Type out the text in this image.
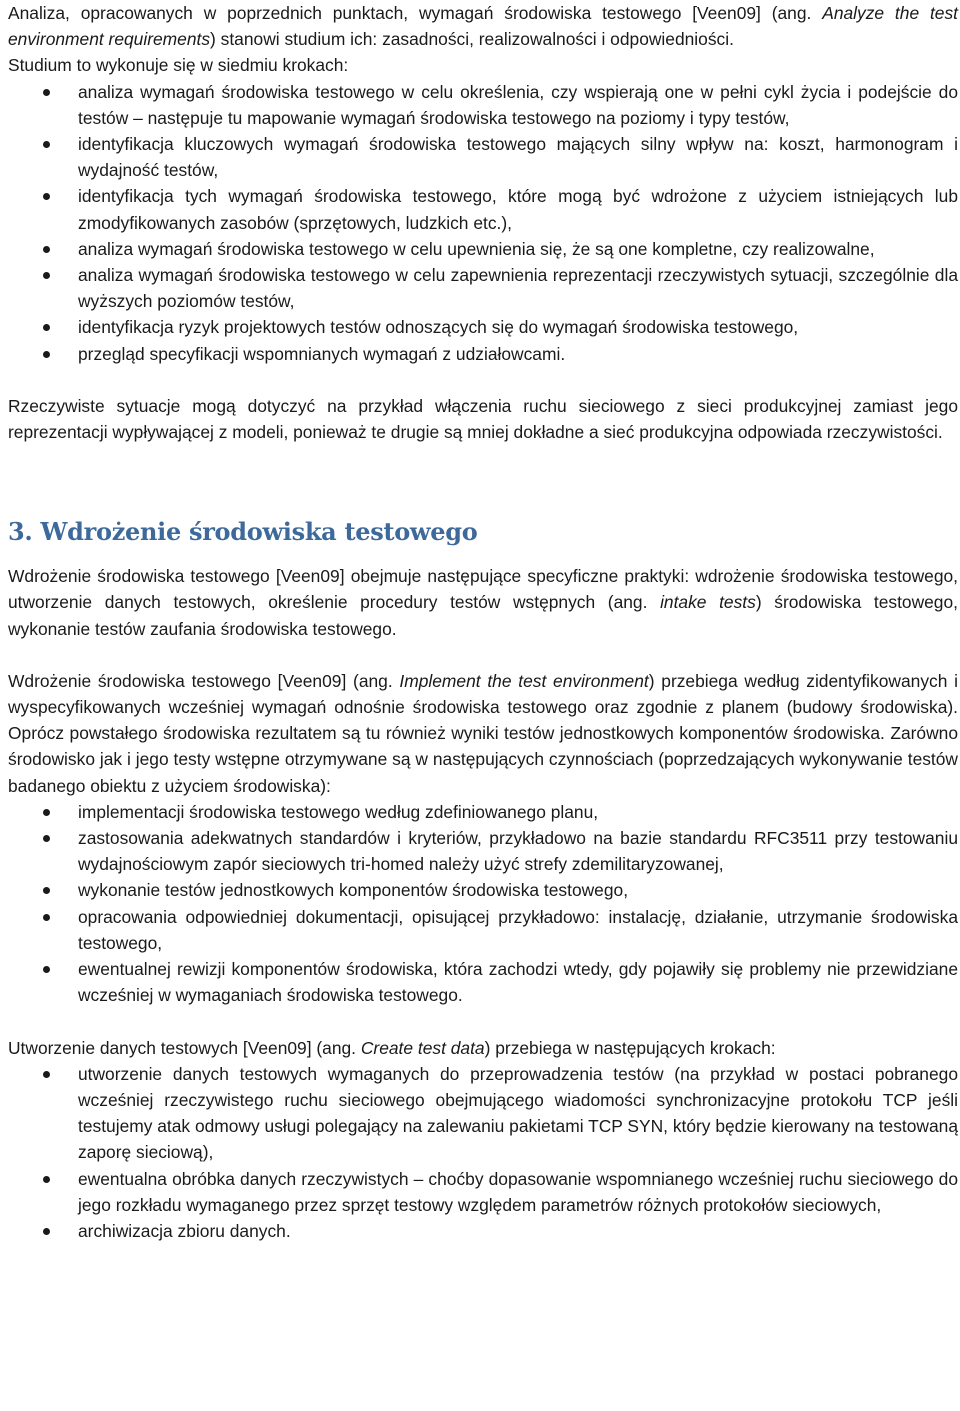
Analiza, opracowanych w poprzednich punktach, wymagań środowiska testowego [Veen09] (ang. Analyze the test environment requirements) stanowi studium ich: zasadności, realizowalności i odpowiedniości.

Studium to wykonuje się w siedmiu krokach:

analiza wymagań środowiska testowego w celu określenia, czy wspierają one w pełni cykl życia i podejście do testów – następuje tu mapowanie wymagań środowiska testowego na poziomy i typy testów,
identyfikacja kluczowych wymagań środowiska testowego mających silny wpływ na: koszt, harmonogram i wydajność testów,
identyfikacja tych wymagań środowiska testowego, które mogą być wdrożone z użyciem istniejących lub zmodyfikowanych zasobów (sprzętowych, ludzkich etc.),
analiza wymagań środowiska testowego w celu upewnienia się, że są one kompletne, czy realizowalne,
analiza wymagań środowiska testowego w celu zapewnienia reprezentacji rzeczywistych sytuacji, szczególnie dla wyższych poziomów testów,
identyfikacja ryzyk projektowych testów odnoszących się do wymagań środowiska testowego,
przegląd specyfikacji wspomnianych wymagań z udziałowcami.

Rzeczywiste sytuacje mogą dotyczyć na przykład włączenia ruchu sieciowego z sieci produkcyjnej zamiast jego reprezentacji wypływającej z modeli, ponieważ te drugie są mniej dokładne a sieć produkcyjna odpowiada rzeczywistości.

3. Wdrożenie środowiska testowego

Wdrożenie środowiska testowego [Veen09] obejmuje następujące specyficzne praktyki: wdrożenie środowiska testowego, utworzenie danych testowych, określenie procedury testów wstępnych (ang. intake tests) środowiska testowego, wykonanie testów zaufania środowiska testowego.

Wdrożenie środowiska testowego [Veen09] (ang. Implement the test environment) przebiega według zidentyfikowanych i wyspecyfikowanych wcześniej wymagań odnośnie środowiska testowego oraz zgodnie z planem (budowy środowiska). Oprócz powstałego środowiska rezultatem są tu również wyniki testów jednostkowych komponentów środowiska. Zarówno środowisko jak i jego testy wstępne otrzymywane są w następujących czynnościach (poprzedzających wykonywanie testów badanego obiektu z użyciem środowiska):

implementacji środowiska testowego według zdefiniowanego planu,
zastosowania adekwatnych standardów i kryteriów, przykładowo na bazie standardu RFC3511 przy testowaniu wydajnościowym zapór sieciowych tri-homed należy użyć strefy zdemilitaryzowanej,
wykonanie testów jednostkowych komponentów środowiska testowego,
opracowania odpowiedniej dokumentacji, opisującej przykładowo: instalację, działanie, utrzymanie środowiska testowego,
ewentualnej rewizji komponentów środowiska, która zachodzi wtedy, gdy pojawiły się problemy nie przewidziane wcześniej w wymaganiach środowiska testowego.

Utworzenie danych testowych [Veen09] (ang. Create test data) przebiega w następujących krokach:

utworzenie danych testowych wymaganych do przeprowadzenia testów (na przykład w postaci pobranego wcześniej rzeczywistego ruchu sieciowego obejmującego wiadomości synchronizacyjne protokołu TCP jeśli testujemy atak odmowy usługi polegający na zalewaniu pakietami TCP SYN, który będzie kierowany na testowaną zaporę sieciową),
ewentualna obróbka danych rzeczywistych – choćby dopasowanie wspomnianego wcześniej ruchu sieciowego do jego rozkładu wymaganego przez sprzęt testowy względem parametrów różnych protokołów sieciowych,
archiwizacja zbioru danych.
